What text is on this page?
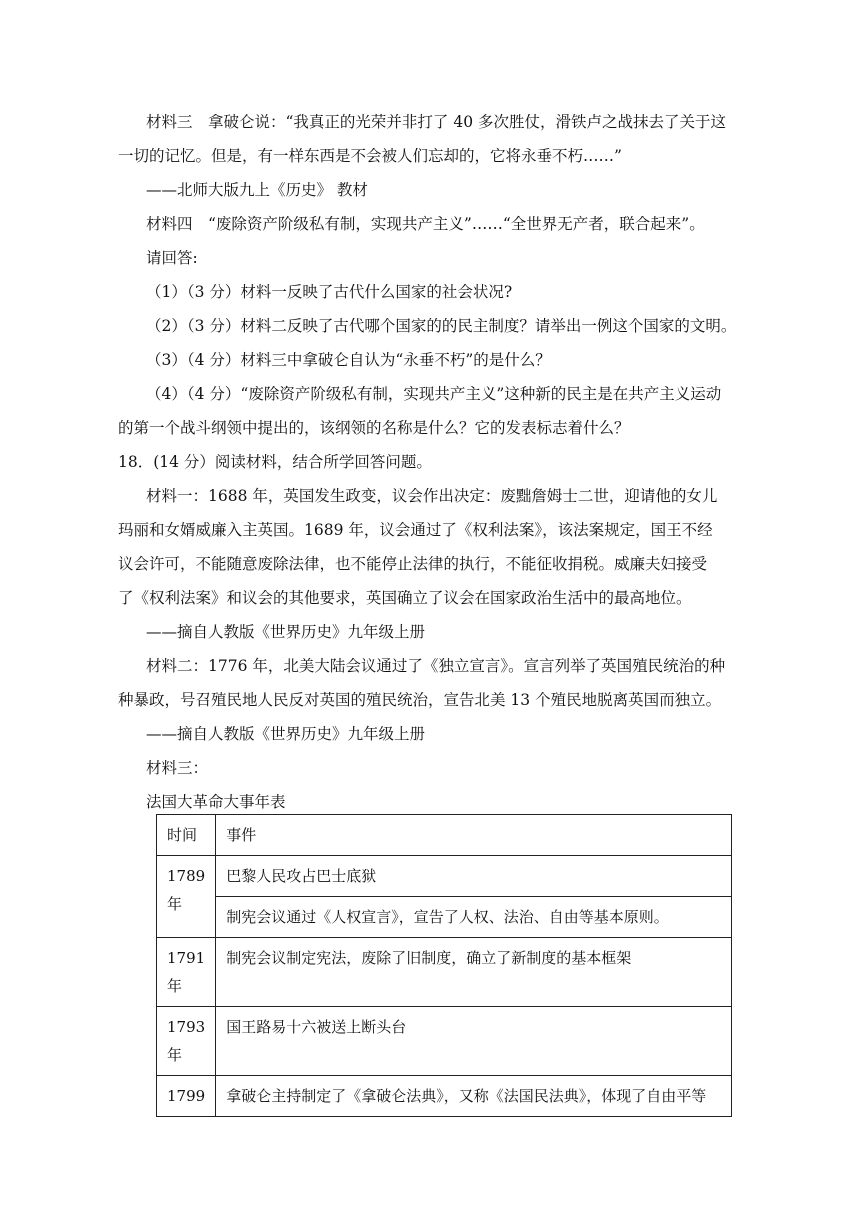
材料三　拿破仑说：“我真正的光荣并非打了 40 多次胜仗，滑铁卢之战抹去了关于这
一切的记忆。但是，有一样东西是不会被人们忘却的，它将永垂不朽……”
——北师大版九上《历史》 教材
材料四　“废除资产阶级私有制，实现共产主义”……“全世界无产者，联合起来”。
请回答:
（1）（3 分）材料一反映了古代什么国家的社会状况?
（2）（3 分）材料二反映了古代哪个国家的的民主制度？请举出一例这个国家的文明。
（3）（4 分）材料三中拿破仑自认为“永垂不朽”的是什么？
（4）（4 分）“废除资产阶级私有制，实现共产主义”这种新的民主是在共产主义运动
的第一个战斗纲领中提出的，该纲领的名称是什么？它的发表标志着什么？
18．(14 分）阅读材料，结合所学回答问题。
材料一：1688 年，英国发生政变，议会作出决定：废黜詹姆士二世，迎请他的女儿
玛丽和女婿威廉入主英国。1689 年，议会通过了《权利法案》，该法案规定，国王不经
议会许可，不能随意废除法律，也不能停止法律的执行，不能征收捐税。威廉夫妇接受
了《权利法案》和议会的其他要求，英国确立了议会在国家政治生活中的最高地位。
——摘自人教版《世界历史》九年级上册
材料二：1776 年，北美大陆会议通过了《独立宣言》。宣言列举了英国殖民统治的种
种暴政，号召殖民地人民反对英国的殖民统治，宣告北美 13 个殖民地脱离英国而独立。
——摘自人教版《世界历史》九年级上册
材料三：
法国大革命大事年表
时间	事件
1789 年	巴黎人民攻占巴士底狱
	制宪会议通过《人权宣言》，宣告了人权、法治、自由等基本原则。
1791 年	制宪会议制定宪法，废除了旧制度，确立了新制度的基本框架
1793 年	国王路易十六被送上断头台
1799	拿破仑主持制定了《拿破仑法典》，又称《法国民法典》，体现了自由平等
